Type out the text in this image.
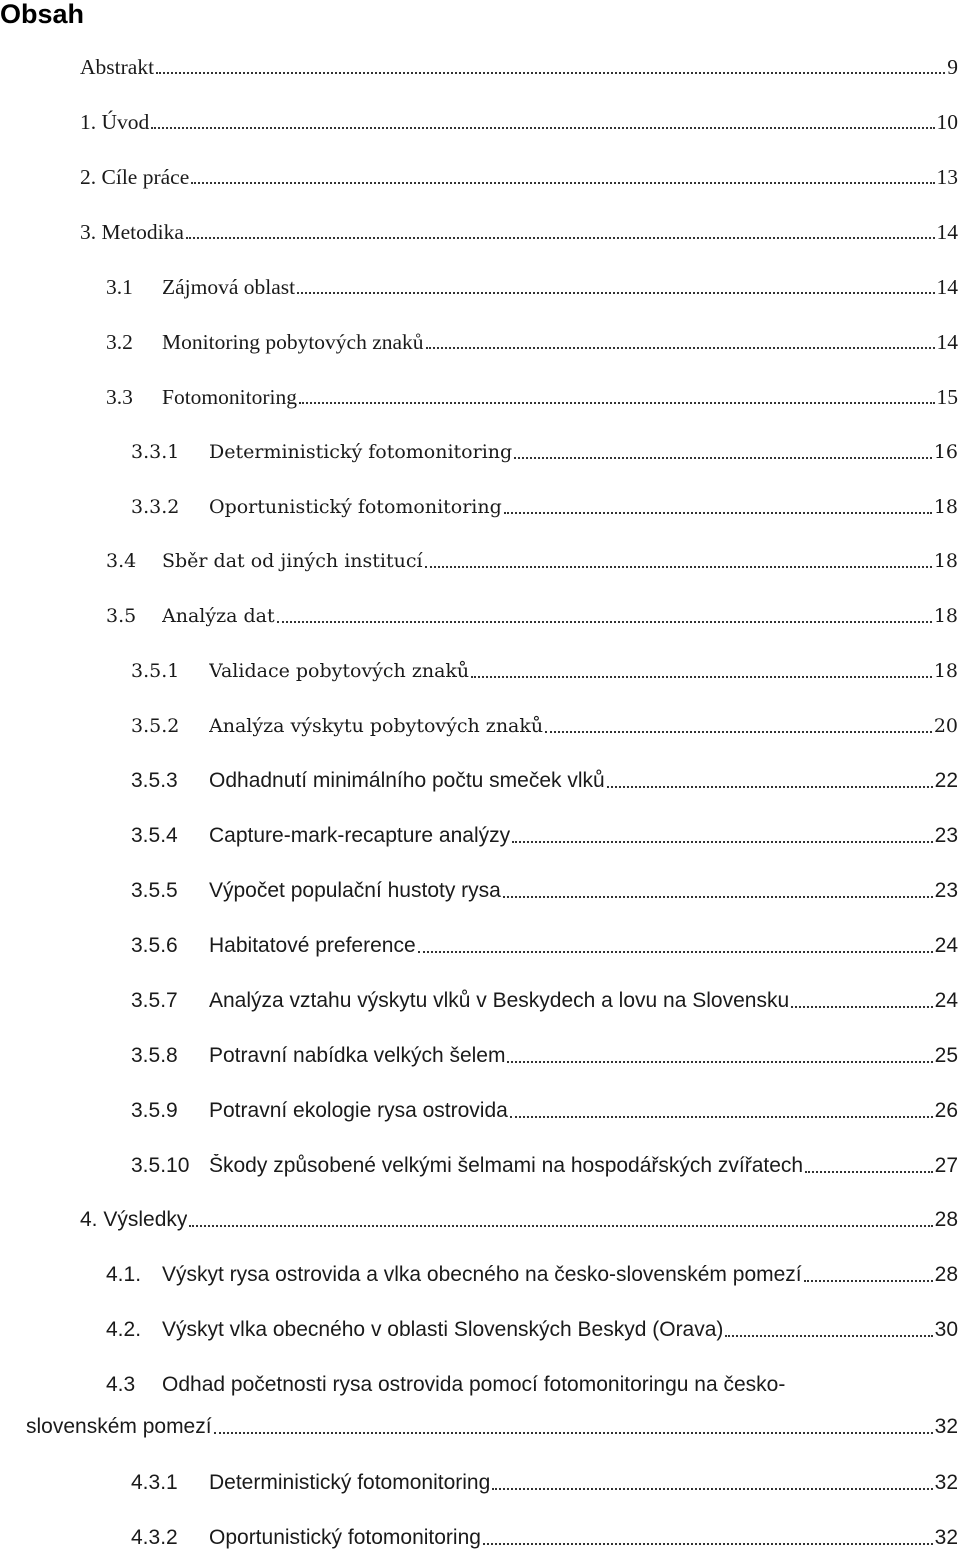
Obsah
Abstrakt	9
1. Úvod	10
2. Cíle práce	13
3. Metodika	14
3.1	Zájmová oblast	14
3.2	Monitoring pobytových znaků	14
3.3	Fotomonitoring	15
3.3.1	Deterministický fotomonitoring	16
3.3.2	Oportunistický fotomonitoring	18
3.4	Sběr dat od jiných institucí	18
3.5	Analýza dat	18
3.5.1	Validace pobytových znaků	18
3.5.2	Analýza výskytu pobytových znaků	20
3.5.3	Odhadnutí minimálního počtu smeček vlků	22
3.5.4	Capture-mark-recapture analýzy	23
3.5.5	Výpočet populační hustoty rysa	23
3.5.6	Habitatové preference	24
3.5.7	Analýza vztahu výskytu vlků v Beskydech a lovu na Slovensku	24
3.5.8	Potravní nabídka velkých šelem	25
3.5.9	Potravní ekologie rysa ostrovida	26
3.5.10 Škody způsobené velkými šelmami na hospodářských zvířatech	27
4. Výsledky	28
4.1. Výskyt rysa ostrovida a vlka obecného na česko-slovenském pomezí	28
4.2. Výskyt vlka obecného v oblasti Slovenských Beskyd (Orava)	30
4.3	Odhad početnosti rysa ostrovida pomocí fotomonitoringu na česko-
slovenském pomezí	32
4.3.1	Deterministický fotomonitoring	32
4.3.2	Oportunistický fotomonitoring	32
